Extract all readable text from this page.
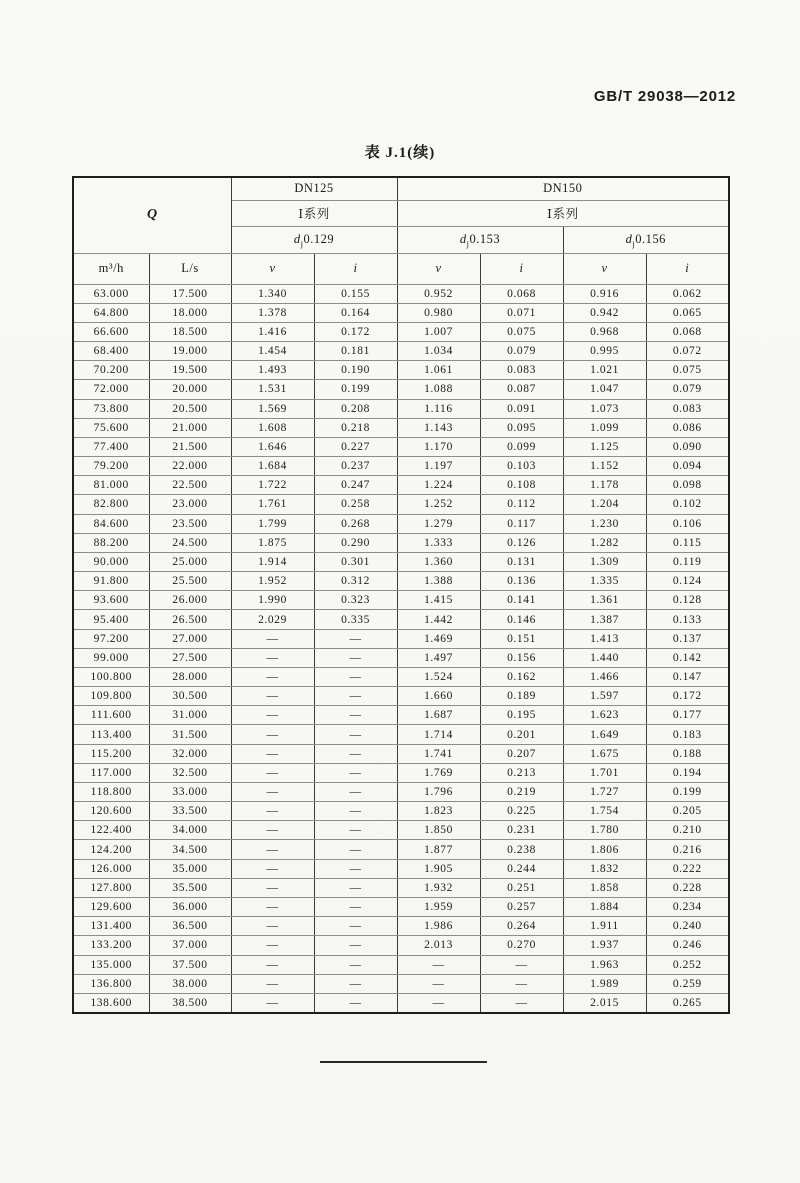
GB/T 29038—2012
表 J.1(续)
Q		DN125		DN150			
		Ⅰ系列		Ⅰ系列			
		$d_j0.129$		$d_j0.153$		$d_j0.156$	
m³/h	L/s	v	i	v	i	v	i
63.000	17.500	1.340	0.155	0.952	0.068	0.916	0.062
64.800	18.000	1.378	0.164	0.980	0.071	0.942	0.065
66.600	18.500	1.416	0.172	1.007	0.075	0.968	0.068
68.400	19.000	1.454	0.181	1.034	0.079	0.995	0.072
70.200	19.500	1.493	0.190	1.061	0.083	1.021	0.075
72.000	20.000	1.531	0.199	1.088	0.087	1.047	0.079
73.800	20.500	1.569	0.208	1.116	0.091	1.073	0.083
75.600	21.000	1.608	0.218	1.143	0.095	1.099	0.086
77.400	21.500	1.646	0.227	1.170	0.099	1.125	0.090
79.200	22.000	1.684	0.237	1.197	0.103	1.152	0.094
81.000	22.500	1.722	0.247	1.224	0.108	1.178	0.098
82.800	23.000	1.761	0.258	1.252	0.112	1.204	0.102
84.600	23.500	1.799	0.268	1.279	0.117	1.230	0.106
88.200	24.500	1.875	0.290	1.333	0.126	1.282	0.115
90.000	25.000	1.914	0.301	1.360	0.131	1.309	0.119
91.800	25.500	1.952	0.312	1.388	0.136	1.335	0.124
93.600	26.000	1.990	0.323	1.415	0.141	1.361	0.128
95.400	26.500	2.029	0.335	1.442	0.146	1.387	0.133
97.200	27.000	—	—	1.469	0.151	1.413	0.137
99.000	27.500	—	—	1.497	0.156	1.440	0.142
100.800	28.000	—	—	1.524	0.162	1.466	0.147
109.800	30.500	—	—	1.660	0.189	1.597	0.172
111.600	31.000	—	—	1.687	0.195	1.623	0.177
113.400	31.500	—	—	1.714	0.201	1.649	0.183
115.200	32.000	—	—	1.741	0.207	1.675	0.188
117.000	32.500	—	—	1.769	0.213	1.701	0.194
118.800	33.000	—	—	1.796	0.219	1.727	0.199
120.600	33.500	—	—	1.823	0.225	1.754	0.205
122.400	34.000	—	—	1.850	0.231	1.780	0.210
124.200	34.500	—	—	1.877	0.238	1.806	0.216
126.000	35.000	—	—	1.905	0.244	1.832	0.222
127.800	35.500	—	—	1.932	0.251	1.858	0.228
129.600	36.000	—	—	1.959	0.257	1.884	0.234
131.400	36.500	—	—	1.986	0.264	1.911	0.240
133.200	37.000	—	—	2.013	0.270	1.937	0.246
135.000	37.500	—	—	—	—	1.963	0.252
136.800	38.000	—	—	—	—	1.989	0.259
138.600	38.500	—	—	—	—	2.015	0.265
